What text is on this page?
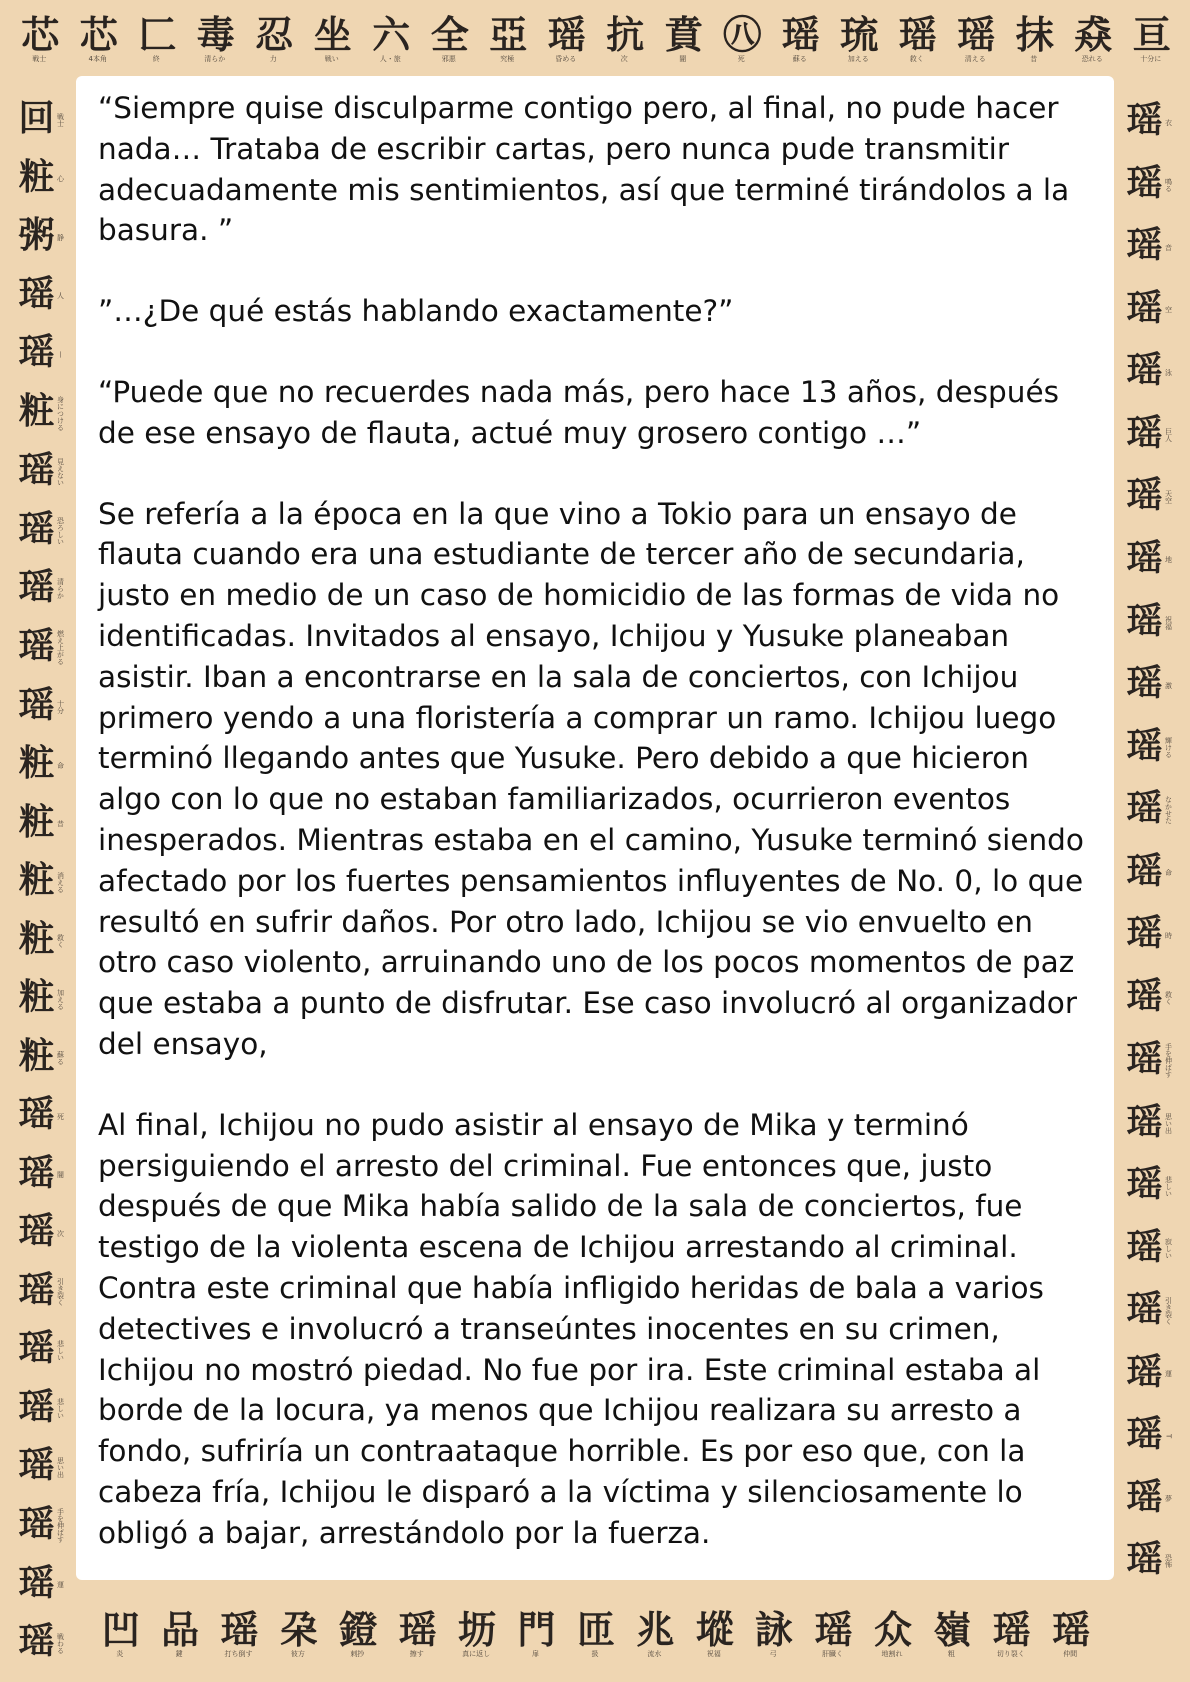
芯
戦士
芯
4本角
匚
終
毒
清らか
忍
力
坐
戦い
六
人・旅
全
邪悪
亞
究極
瑶
昏める
抗
次
賁
闇
㊇
死
瑶
蘇る
琉
加える
瑶
救く
瑶
清える
抹
昔
猋
恐れる
亘
十分に
回 戦士
粧 心
粥 静
瑶 人
瑶 —
粧 身につける
瑶 見えない
瑶 恐ろしい
瑶 清らか
瑶 燃え上がる
瑶 十分
粧 命
粧 昔
粧 消える
粧 救く
粧 加える
粧 蘇る
瑶 死
瑶 闇
瑶 次
瑶 引き裂く
瑶 悲しい
瑶 悲しい
瑶 思い出
瑶 手を伸ばす
瑶 運
瑶 戦わる
瑶 衣
瑶 鳴る
瑶 音
瑶 空
瑶 泳
瑶 巨人
瑶 天空
瑶 地
瑶 祝福
瑶 激
瑶 輝ける
瑶 なかせた
瑶 命
瑶 時
瑶 救く
瑶 手を伸ばす
瑶 思い出
瑶 悲しい
瑶 寂しい
瑶 引き裂く
瑶 運
瑶 T
瑶 夢
瑶 恐怖
凹
炎
品
鍵
瑶
打ち倒す
朶
彼方
鐙
刺抄
瑶
擦す
坜
真に返し
門
扉
匝
扱
兆
流水
㙡
祝福
詠
弓
瑶
肝臓く
众
地割れ
嶺
粗
瑶
切り裂く
瑶
仲間

“Siempre quise disculparme contigo pero, al final, no pude hacer nada… Trataba de escribir cartas, pero nunca pude transmitir adecuadamente mis sentimientos, así que terminé tirándolos a la basura. ”

”…¿De qué estás hablando exactamente?”

“Puede que no recuerdes nada más, pero hace 13 años, después de ese ensayo de flauta, actué muy grosero contigo …”

Se refería a la época en la que vino a Tokio para un ensayo de flauta cuando era una estudiante de tercer año de secundaria, justo en medio de un caso de homicidio de las formas de vida no identificadas. Invitados al ensayo, Ichijou y Yusuke planeaban asistir. Iban a encontrarse en la sala de conciertos, con Ichijou primero yendo a una floristería a comprar un ramo. Ichijou luego terminó llegando antes que Yusuke. Pero debido a que hicieron algo con lo que no estaban familiarizados, ocurrieron eventos inesperados. Mientras estaba en el camino, Yusuke terminó siendo afectado por los fuertes pensamientos influyentes de No. 0, lo que resultó en sufrir daños. Por otro lado, Ichijou se vio envuelto en otro caso violento, arruinando uno de los pocos momentos de paz que estaba a punto de disfrutar. Ese caso involucró al organizador del ensayo,

Al final, Ichijou no pudo asistir al ensayo de Mika y terminó persiguiendo el arresto del criminal. Fue entonces que, justo después de que Mika había salido de la sala de conciertos, fue testigo de la violenta escena de Ichijou arrestando al criminal. Contra este criminal que había infligido heridas de bala a varios detectives e involucró a transeúntes inocentes en su crimen, Ichijou no mostró piedad. No fue por ira. Este criminal estaba al borde de la locura, ya menos que Ichijou realizara su arresto a fondo, sufriría un contraataque horrible. Es por eso que, con la cabeza fría, Ichijou le disparó a la víctima y silenciosamente lo obligó a bajar, arrestándolo por la fuerza.
